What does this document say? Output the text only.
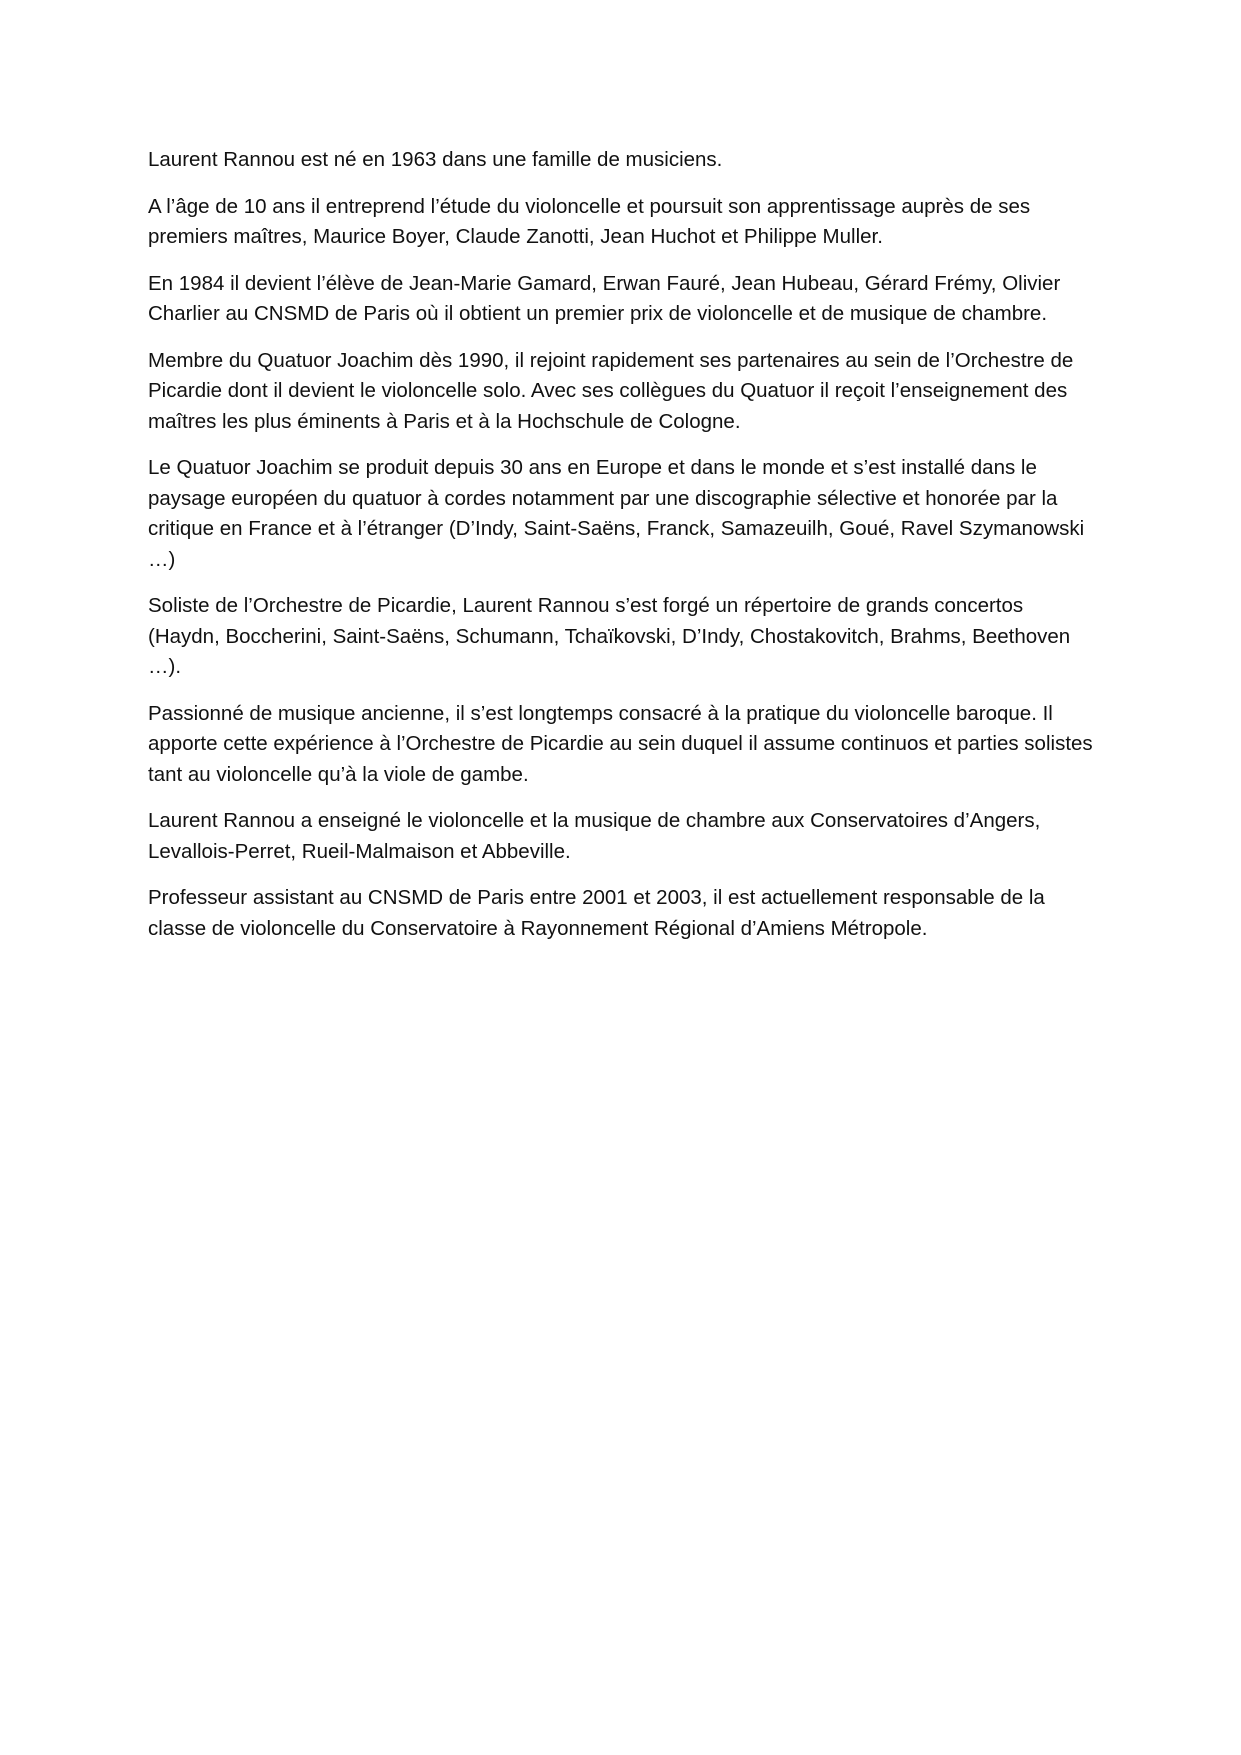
Laurent Rannou est né en 1963 dans une famille de musiciens.

A l’âge de 10 ans il entreprend l’étude du violoncelle et poursuit son apprentissage auprès de ses premiers maîtres, Maurice Boyer, Claude Zanotti, Jean Huchot et Philippe Muller.

En 1984 il devient l’élève de Jean-Marie Gamard, Erwan Fauré, Jean Hubeau, Gérard Frémy, Olivier Charlier au CNSMD de Paris où il obtient un premier prix de violoncelle et de musique de chambre.

Membre du Quatuor Joachim dès 1990, il rejoint rapidement ses partenaires au sein de l’Orchestre de Picardie dont il devient le violoncelle solo. Avec ses collègues du Quatuor il reçoit l’enseignement des maîtres les plus éminents à Paris et à la Hochschule de Cologne.

Le Quatuor Joachim se produit depuis 30 ans en Europe et dans le monde et s’est installé dans le paysage européen du quatuor à cordes notamment par une discographie sélective et honorée par la critique en France et à l’étranger (D’Indy, Saint-Saëns, Franck, Samazeuilh, Goué, Ravel Szymanowski …)

Soliste de l’Orchestre de Picardie, Laurent Rannou s’est forgé un répertoire de grands concertos (Haydn, Boccherini, Saint-Saëns, Schumann, Tchaïkovski, D’Indy, Chostakovitch, Brahms, Beethoven …).

Passionné de musique ancienne, il s’est longtemps consacré à la pratique du violoncelle baroque. Il apporte cette expérience à l’Orchestre de Picardie au sein duquel il assume continuos et parties solistes tant au violoncelle qu’à la viole de gambe.

Laurent Rannou a enseigné le violoncelle et la musique de chambre aux Conservatoires d’Angers, Levallois-Perret, Rueil-Malmaison et Abbeville.

Professeur assistant au CNSMD de Paris entre 2001 et 2003, il est actuellement responsable de la classe de violoncelle du Conservatoire à Rayonnement Régional d’Amiens Métropole.
